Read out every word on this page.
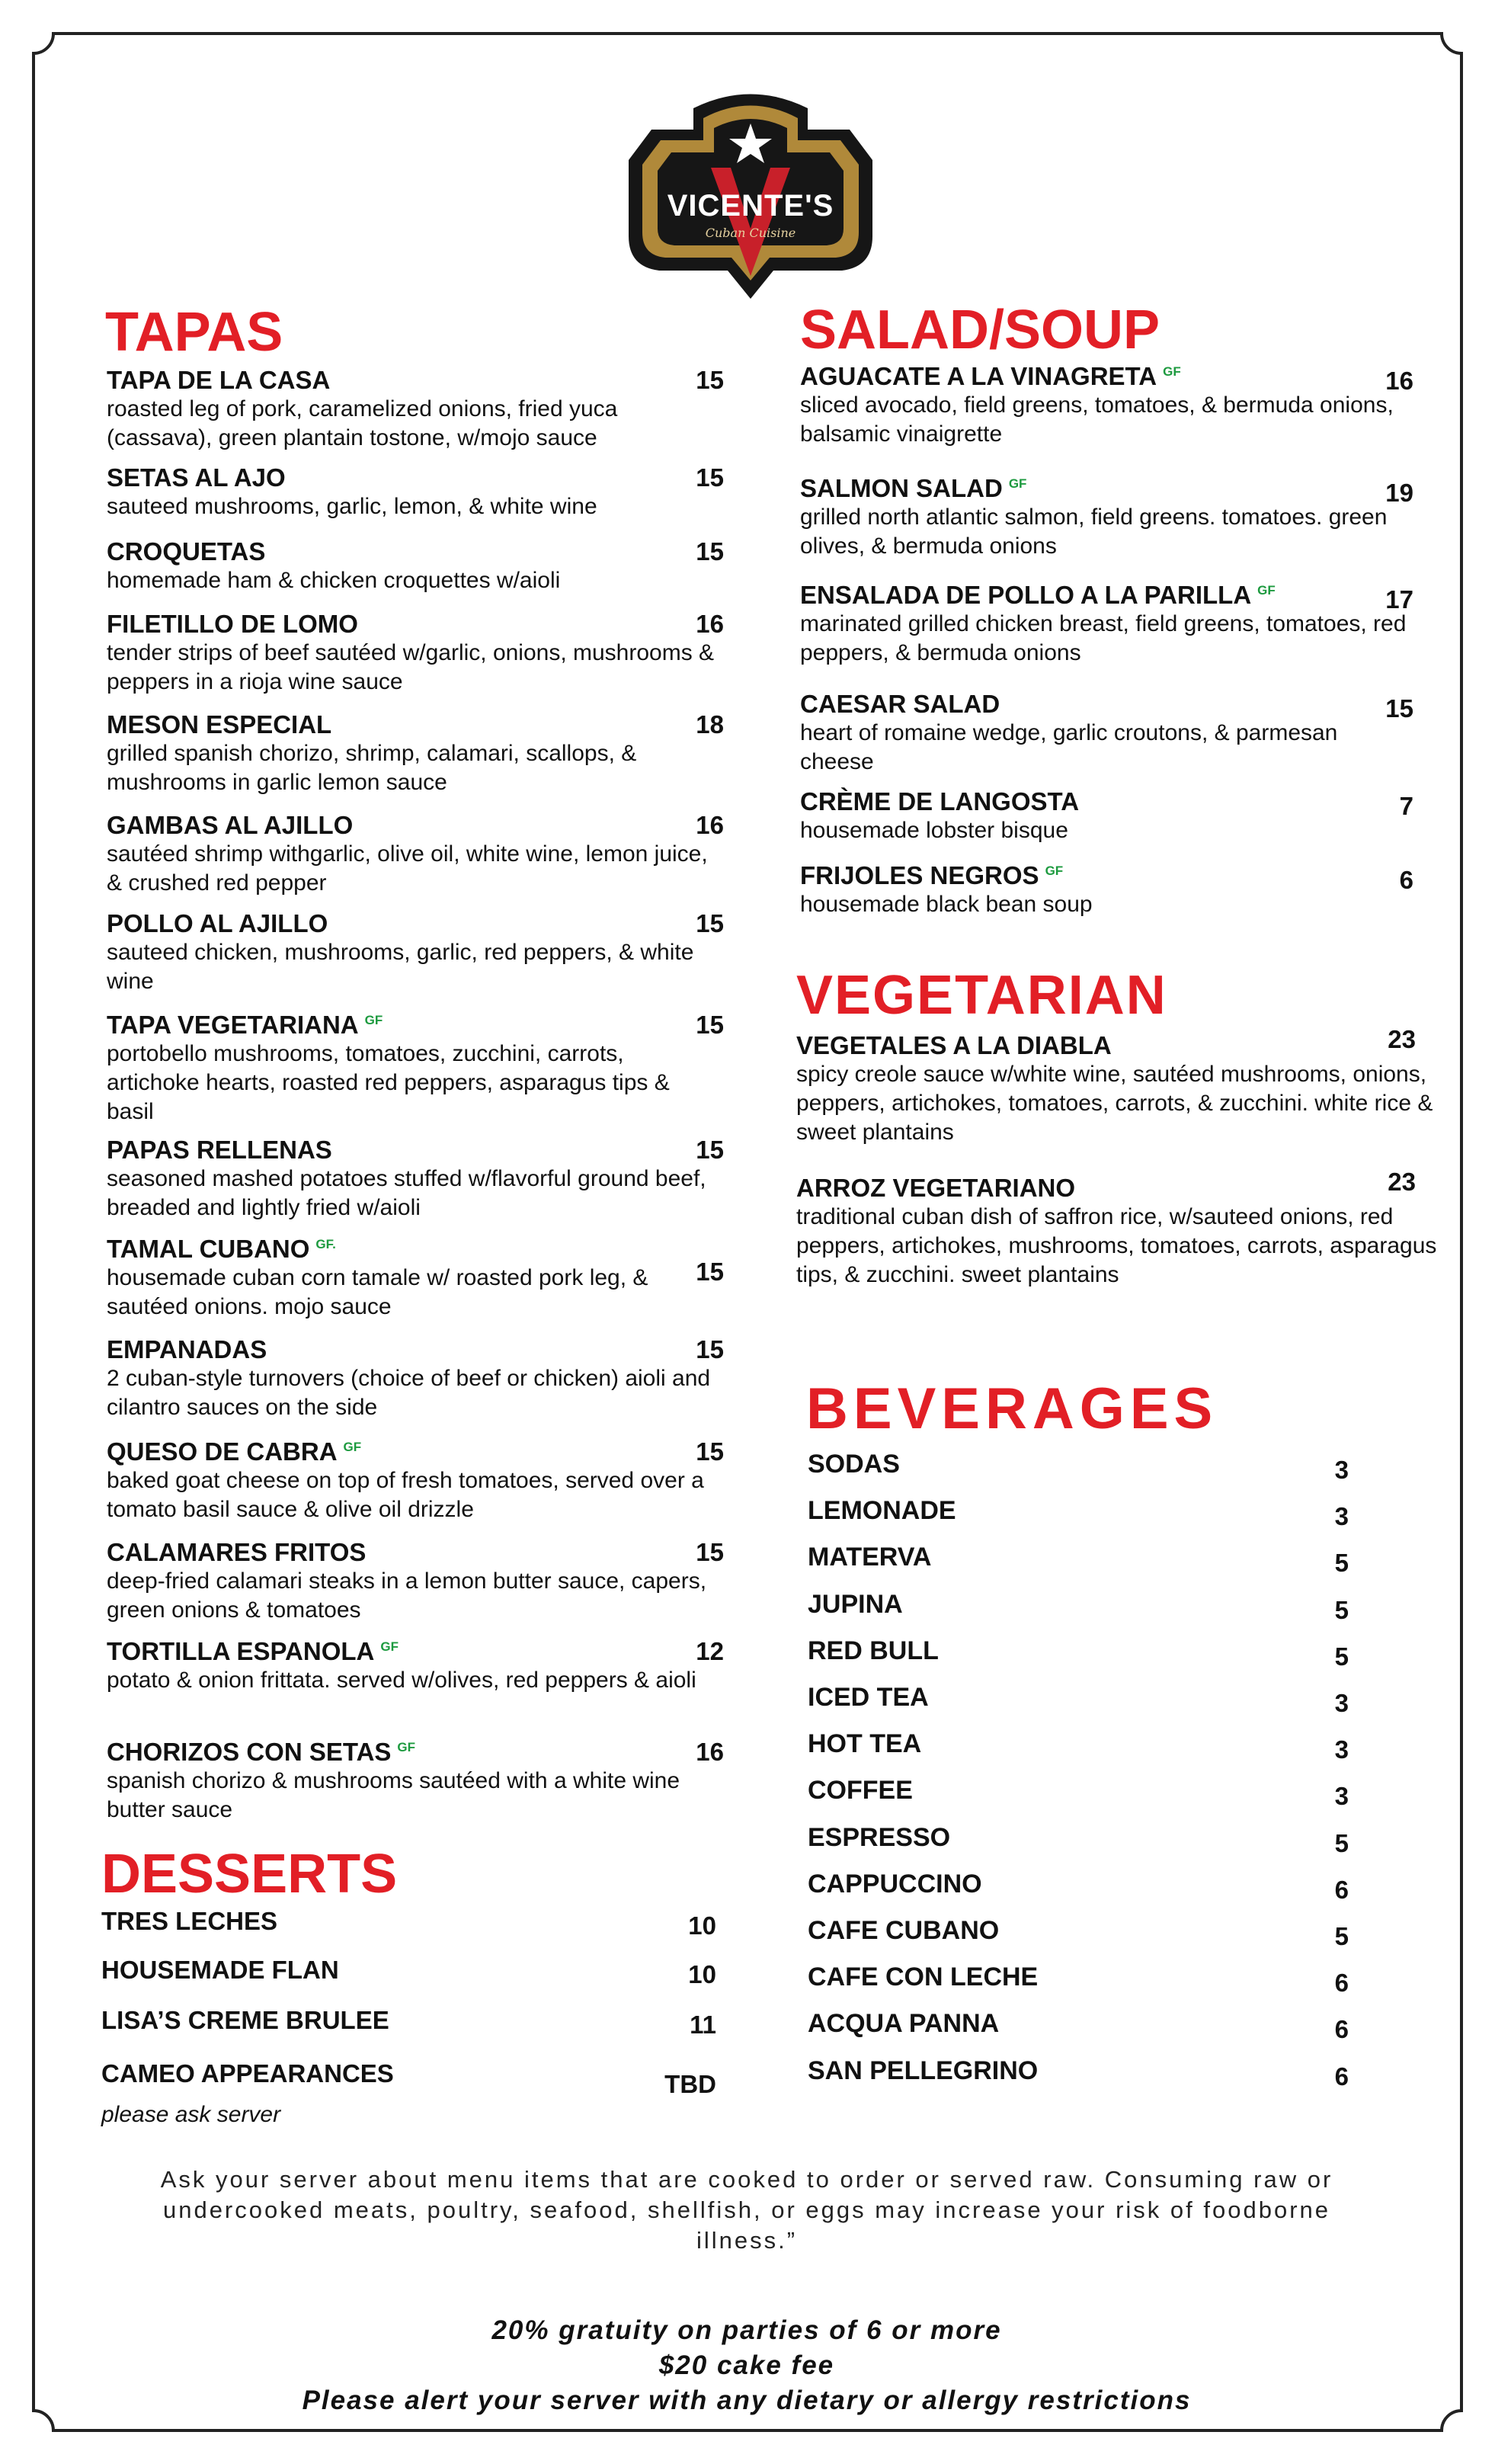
VICENTE'S
Cuban Cuisine
TAPAS
TAPA DE LA CASA
roasted leg of pork, caramelized onions, fried yuca (cassava), green plantain tostone, w/mojo sauce
15
SETAS AL AJO
sauteed mushrooms, garlic, lemon, & white wine
15
CROQUETAS
homemade ham & chicken croquettes w/aioli
15
FILETILLO DE LOMO
tender strips of beef sautéed w/garlic, onions, mushrooms & peppers in a rioja wine sauce
16
MESON ESPECIAL
grilled spanish chorizo, shrimp, calamari, scallops, & mushrooms in garlic lemon sauce
18
GAMBAS AL AJILLO
sautéed shrimp withgarlic, olive oil, white wine, lemon juice, & crushed red pepper
16
POLLO AL AJILLO
sauteed chicken, mushrooms, garlic, red peppers, & white wine
15
TAPA VEGETARIANA $^{GF}$
portobello mushrooms, tomatoes, zucchini, carrots, artichoke hearts, roasted red peppers, asparagus tips & basil
15
PAPAS RELLENAS
seasoned mashed potatoes stuffed w/flavorful ground beef, breaded and lightly fried w/aioli
15
TAMAL CUBANO $^{GF.}$
housemade cuban corn tamale w/ roasted pork leg, & sautéed onions. mojo sauce
15
EMPANADAS
2 cuban-style turnovers (choice of beef or chicken) aioli and cilantro sauces on the side
15
QUESO DE CABRA $^{GF}$
baked goat cheese on top of fresh tomatoes, served over a tomato basil sauce & olive oil drizzle
15
CALAMARES FRITOS
deep-fried calamari steaks in a lemon butter sauce, capers, green onions & tomatoes
15
TORTILLA ESPANOLA $^{GF}$
potato & onion frittata. served w/olives, red peppers & aioli
12
CHORIZOS CON SETAS $^{GF}$
spanish chorizo & mushrooms sautéed with a white wine butter sauce
16
DESSERTS
TRES LECHES	10
HOUSEMADE FLAN	10
LISA’S CREME BRULEE	11
CAMEO APPEARANCES	TBD
please ask server
SALAD/SOUP
AGUACATE A LA VINAGRETA $^{GF}$
sliced avocado, field greens, tomatoes, & bermuda onions, balsamic vinaigrette
16
SALMON SALAD $^{GF}$
grilled north atlantic salmon, field greens. tomatoes. green olives, & bermuda onions
19
ENSALADA DE POLLO A LA PARILLA $^{GF}$
marinated grilled chicken breast, field greens, tomatoes, red peppers, & bermuda onions
17
CAESAR SALAD
heart of romaine wedge, garlic croutons, & parmesan cheese
15
CRÈME DE LANGOSTA
housemade lobster bisque
7
FRIJOLES NEGROS $^{GF}$
housemade black bean soup
6
VEGETARIAN
VEGETALES A LA DIABLA
spicy creole sauce w/white wine, sautéed mushrooms, onions, peppers, artichokes, tomatoes, carrots, & zucchini. white rice & sweet plantains
23
ARROZ VEGETARIANO
traditional cuban dish of saffron rice, w/sauteed onions, red peppers, artichokes, mushrooms, tomatoes, carrots, asparagus tips, & zucchini. sweet plantains
23
BEVERAGES
SODAS	3
LEMONADE	3
MATERVA	5
JUPINA	5
RED BULL	5
ICED TEA	3
HOT TEA	3
COFFEE	3
ESPRESSO	5
CAPPUCCINO	6
CAFE CUBANO	5
CAFE CON LECHE	6
ACQUA PANNA	6
SAN PELLEGRINO	6
Ask your server about menu items that are cooked to order or served raw. Consuming raw or undercooked meats, poultry, seafood, shellfish, or eggs may increase your risk of foodborne illness.”
20% gratuity on parties of 6 or more
$20 cake fee
Please alert your server with any dietary or allergy restrictions
